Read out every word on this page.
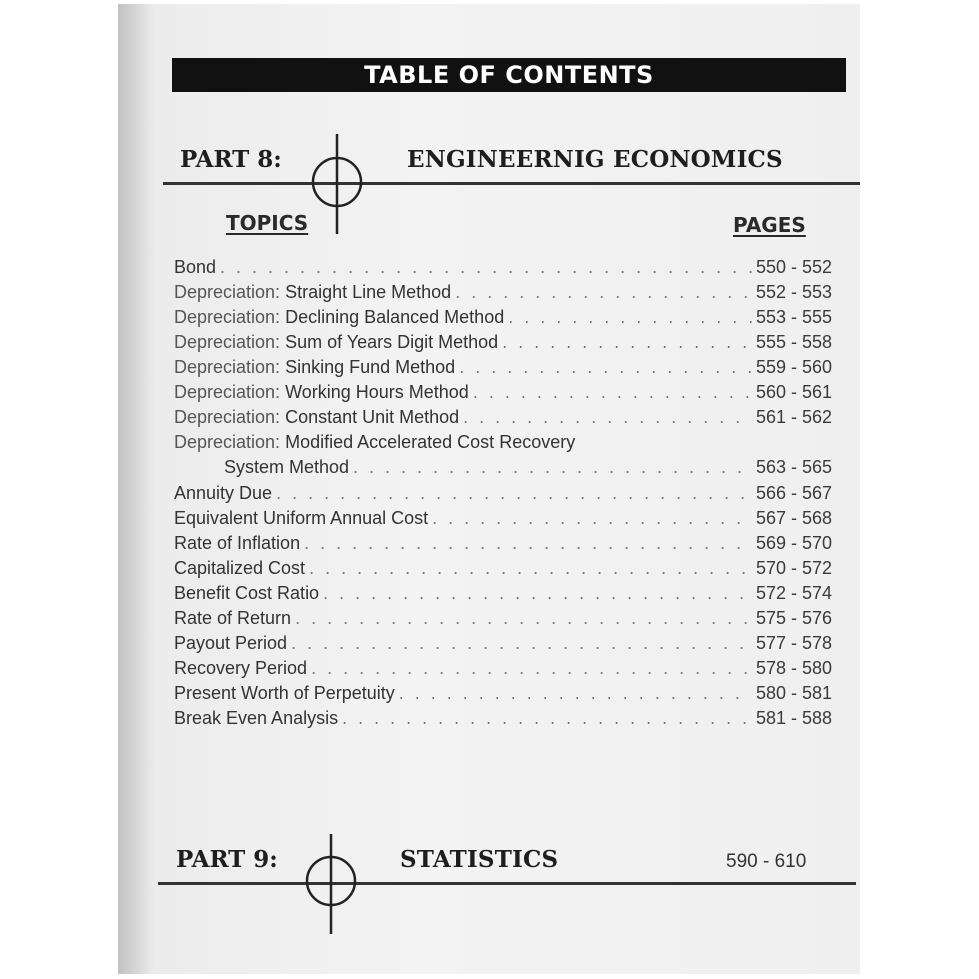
TABLE OF CONTENTS
PART 8:	ENGINEERNIG ECONOMICS
TOPICS	PAGES
Bond . . .	550 - 552
Depreciation: Straight Line Method . . .	552 - 553
Depreciation: Declining Balanced Method . . .	553 - 555
Depreciation: Sum of Years Digit Method . . .	555 - 558
Depreciation: Sinking Fund Method . . .	559 - 560
Depreciation: Working Hours Method . . .	560 - 561
Depreciation: Constant Unit Method . . .	561 - 562
Depreciation: Modified Accelerated Cost Recovery
System Method . . .	563 - 565
Annuity Due . . .	566 - 567
Equivalent Uniform Annual Cost . . .	567 - 568
Rate of Inflation . . .	569 - 570
Capitalized Cost . . .	570 - 572
Benefit Cost Ratio . . .	572 - 574
Rate of Return . . .	575 - 576
Payout Period . . .	577 - 578
Recovery Period . . .	578 - 580
Present Worth of Perpetuity . . .	580 - 581
Break Even Analysis . . .	581 - 588
PART 9:	STATISTICS	590 - 610
